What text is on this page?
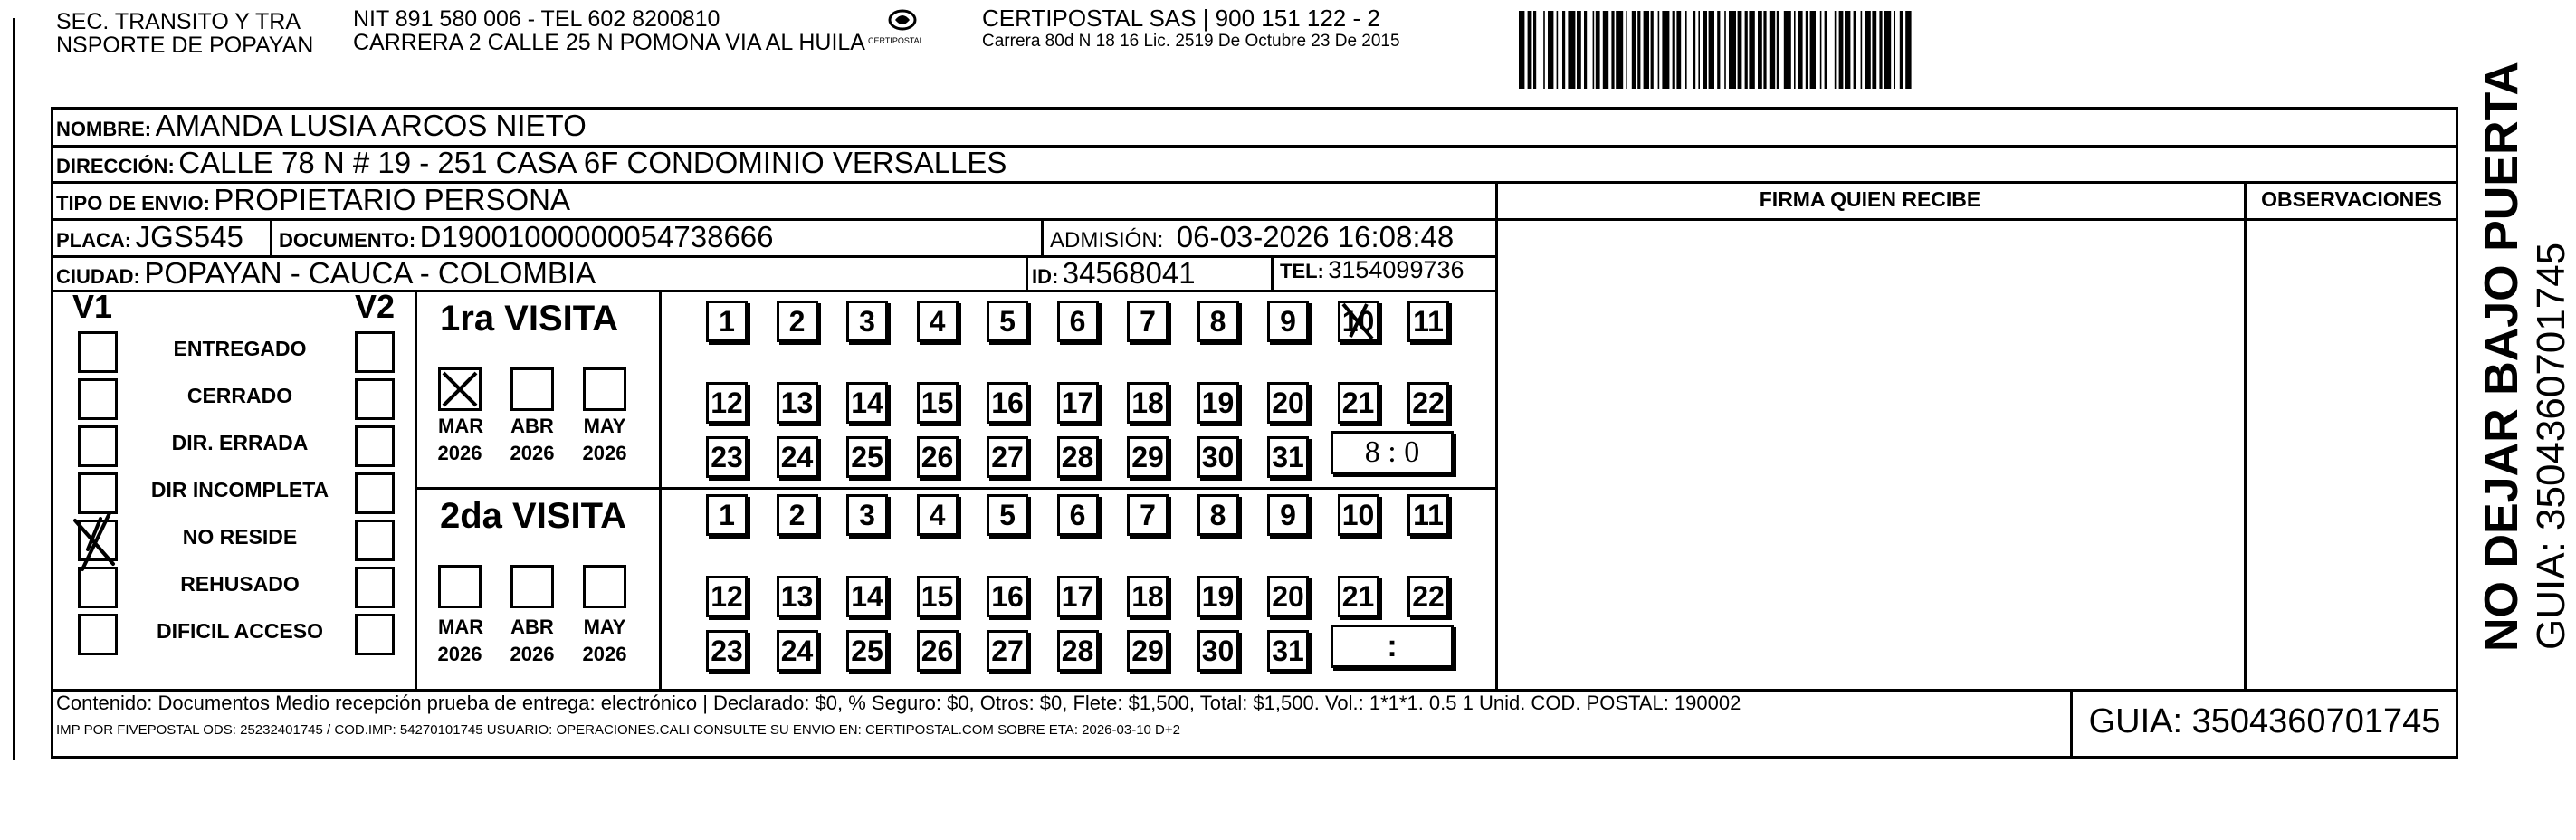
SEC. TRANSITO Y TRA
NSPORTE DE POPAYAN
NIT 891 580 006 - TEL 602 8200810
CARRERA 2 CALLE 25 N POMONA VIA AL HUILA CERTIPOSTAL
CERTIPOSTAL SAS | 900 151 122 - 2
Carrera 80d N 18 16 Lic. 2519 De Octubre 23 De 2015
NOMBRE: AMANDA LUSIA ARCOS NIETO
DIRECCIÓN: CALLE 78 N # 19 - 251 CASA 6F CONDOMINIO VERSALLES
TIPO DE ENVIO: PROPIETARIO PERSONA	FIRMA QUIEN RECIBE	OBSERVACIONES
PLACA: JGS545 DOCUMENTO: D19001000000054738666	ADMISIÓN: 06-03-2026 16:08:48
CIUDAD: POPAYAN - CAUCA - COLOMBIA	ID: 34568041	TEL: 3154099736
V1	V2
ENTREGADO
CERRADO
DIR. ERRADA
DIR INCOMPLETA
NO RESIDE
REHUSADO
DIFICIL ACCESO
1ra VISITA
MAR ABR MAY
2026 2026 2026
1	2	3	4	5	6	7	8	9	10 11
12 13 14 15 16 17 18 19 20 21 22
23 24 25 26 27 28 29 30 31	8 : 0
2da VISITA
MAR ABR MAY
2026 2026 2026
1	2	3	4	5	6	7	8	9	10 11
12 13 14 15 16 17 18 19 20 21 22
23 24 25 26 27 28 29 30 31	:
Contenido: Documentos Medio recepción prueba de entrega: electrónico | Declarado: $0, % Seguro: $0, Otros: $0, Flete: $1,500, Total: $1,500. Vol.: 1*1*1. 0.5 1 Unid. COD. POSTAL: 190002
IMP POR FIVEPOSTAL ODS: 25232401745 / COD.IMP: 54270101745 USUARIO: OPERACIONES.CALI CONSULTE SU ENVIO EN: CERTIPOSTAL.COM SOBRE ETA: 2026-03-10 D+2	GUIA: 3504360701745
NO DEJAR BAJO PUERTA GUIA: 3504360701745
